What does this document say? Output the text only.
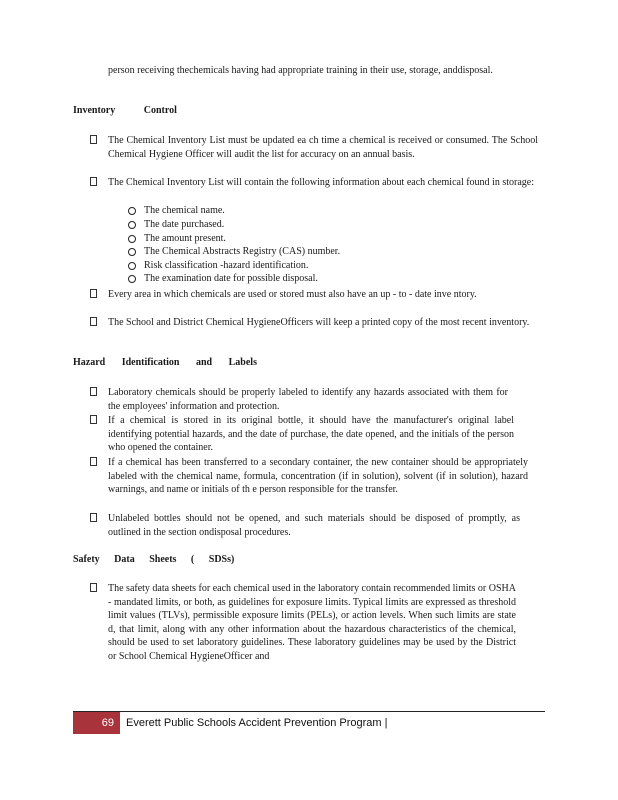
person receiving thechemicals having had appropriate training in their use, storage, anddisposal.
Inventory Control
The Chemical Inventory List must be updated ea ch time a chemical is received or consumed. The School Chemical Hygiene Officer will audit the list for accuracy on an annual basis.
The Chemical Inventory List will contain the following information about each chemical found in storage:
The chemical name.
The date purchased.
The amount present.
The Chemical Abstracts Registry (CAS) number.
Risk classification -hazard identification.
The examination date for possible disposal.
Every area in which chemicals are used or stored must also have an up - to - date inve ntory.
The School and District Chemical HygieneOfficers will keep a printed copy of the most recent inventory.
Hazard Identification and Labels
Laboratory chemicals should be properly labeled to identify any hazards associated with them for the employees' information and protection.
If a chemical is stored in its original bottle, it should have the manufacturer's original label identifying potential hazards, and the date of purchase, the date opened, and the initials of the person who opened the container.
If a chemical has been transferred to a secondary container, the new container should be appropriately labeled with the chemical name, formula, concentration (if in solution), solvent (if in solution), hazard warnings, and name or initials of th e person responsible for the transfer.
Unlabeled bottles should not be opened, and such materials should be disposed of promptly, as outlined in the section ondisposal procedures.
Safety Data Sheets ( SDSs)
The safety data sheets for each chemical used in the laboratory contain recommended limits or OSHA - mandated limits, or both, as guidelines for exposure limits. Typical limits are expressed as threshold limit values (TLVs), permissible exposure limits (PELs), or action levels. When such limits are state d, that limit, along with any other information about the hazardous characteristics of the chemical, should be used to set laboratory guidelines. These laboratory guidelines may be used by the District or School Chemical HygieneOfficer and
69	Everett Public Schools Accident Prevention Program |
